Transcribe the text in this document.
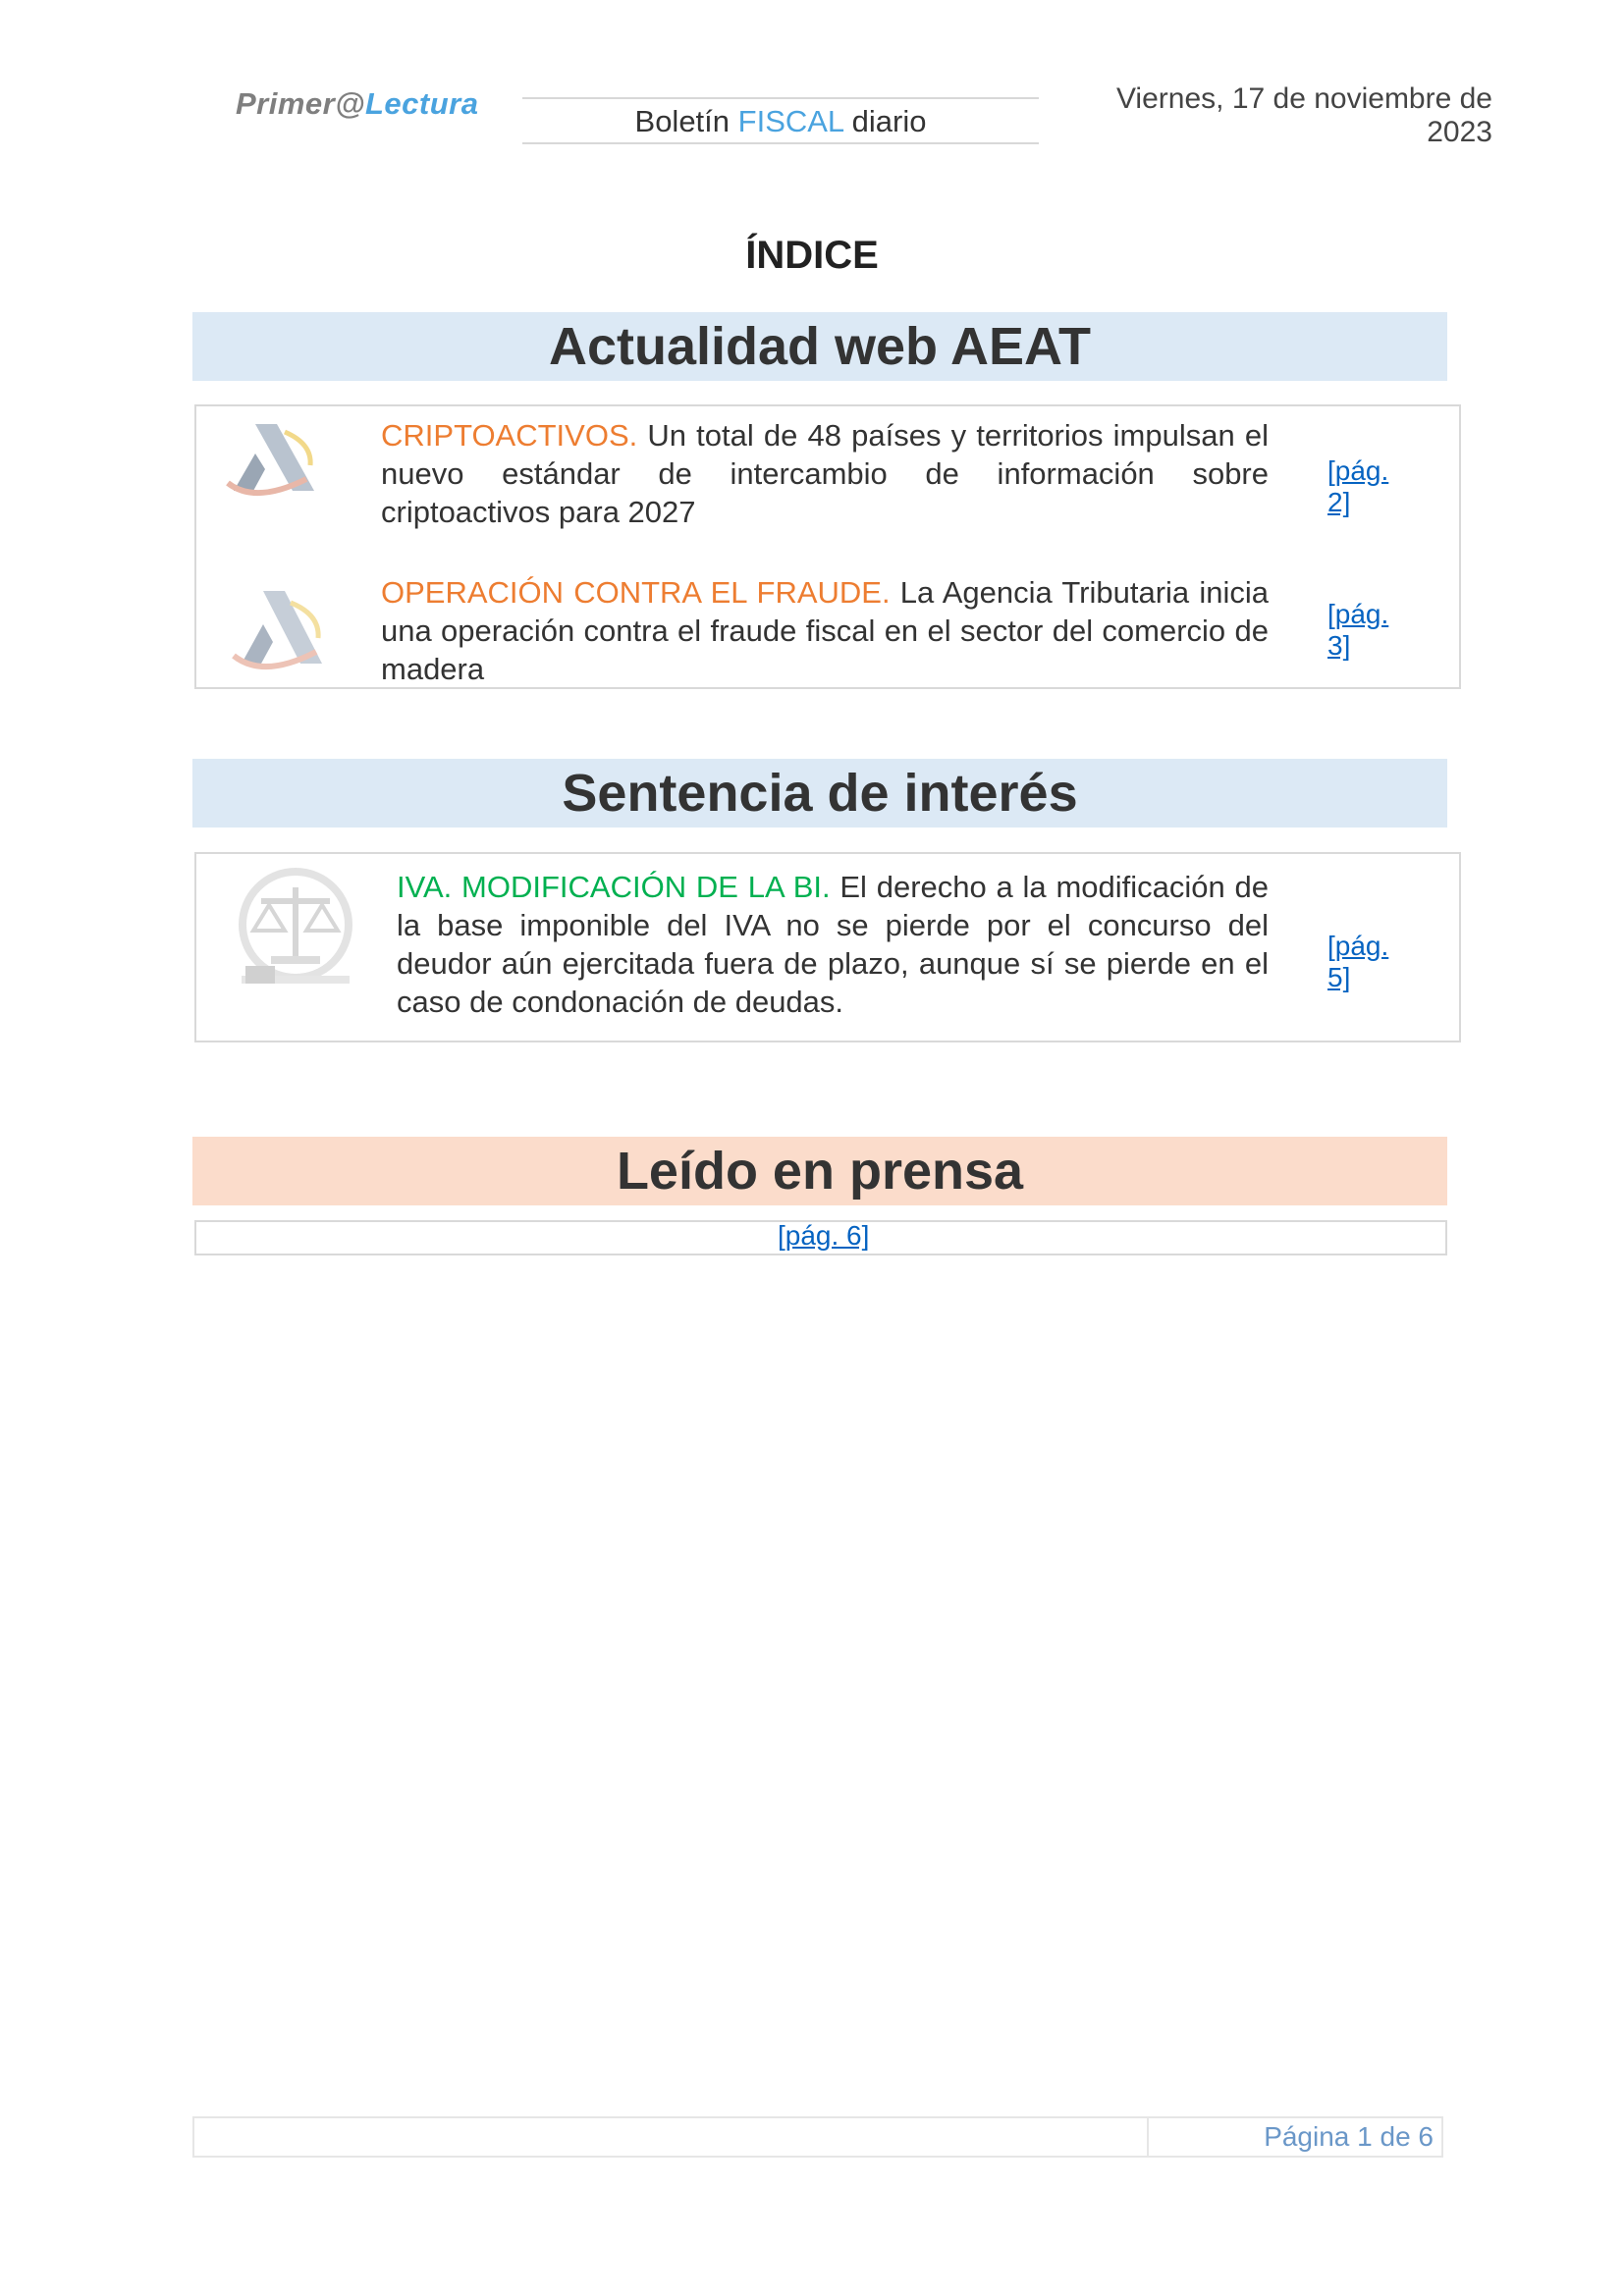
Primer@Lectura
Boletín FISCAL diario
Viernes, 17 de noviembre de 2023
ÍNDICE
Actualidad web AEAT
CRIPTOACTIVOS. Un total de 48 países y territorios impulsan el nuevo estándar de intercambio de información sobre criptoactivos para 2027
[pág. 2]
OPERACIÓN CONTRA EL FRAUDE. La Agencia Tributaria inicia una operación contra el fraude fiscal en el sector del comercio de madera
[pág. 3]
Sentencia de interés
IVA. MODIFICACIÓN DE LA BI. El derecho a la modificación de la base imponible del IVA no se pierde por el concurso del deudor aún ejercitada fuera de plazo, aunque sí se pierde en el caso de condonación de deudas.
[pág. 5]
Leído en prensa
[pág. 6]
Página 1 de 6
